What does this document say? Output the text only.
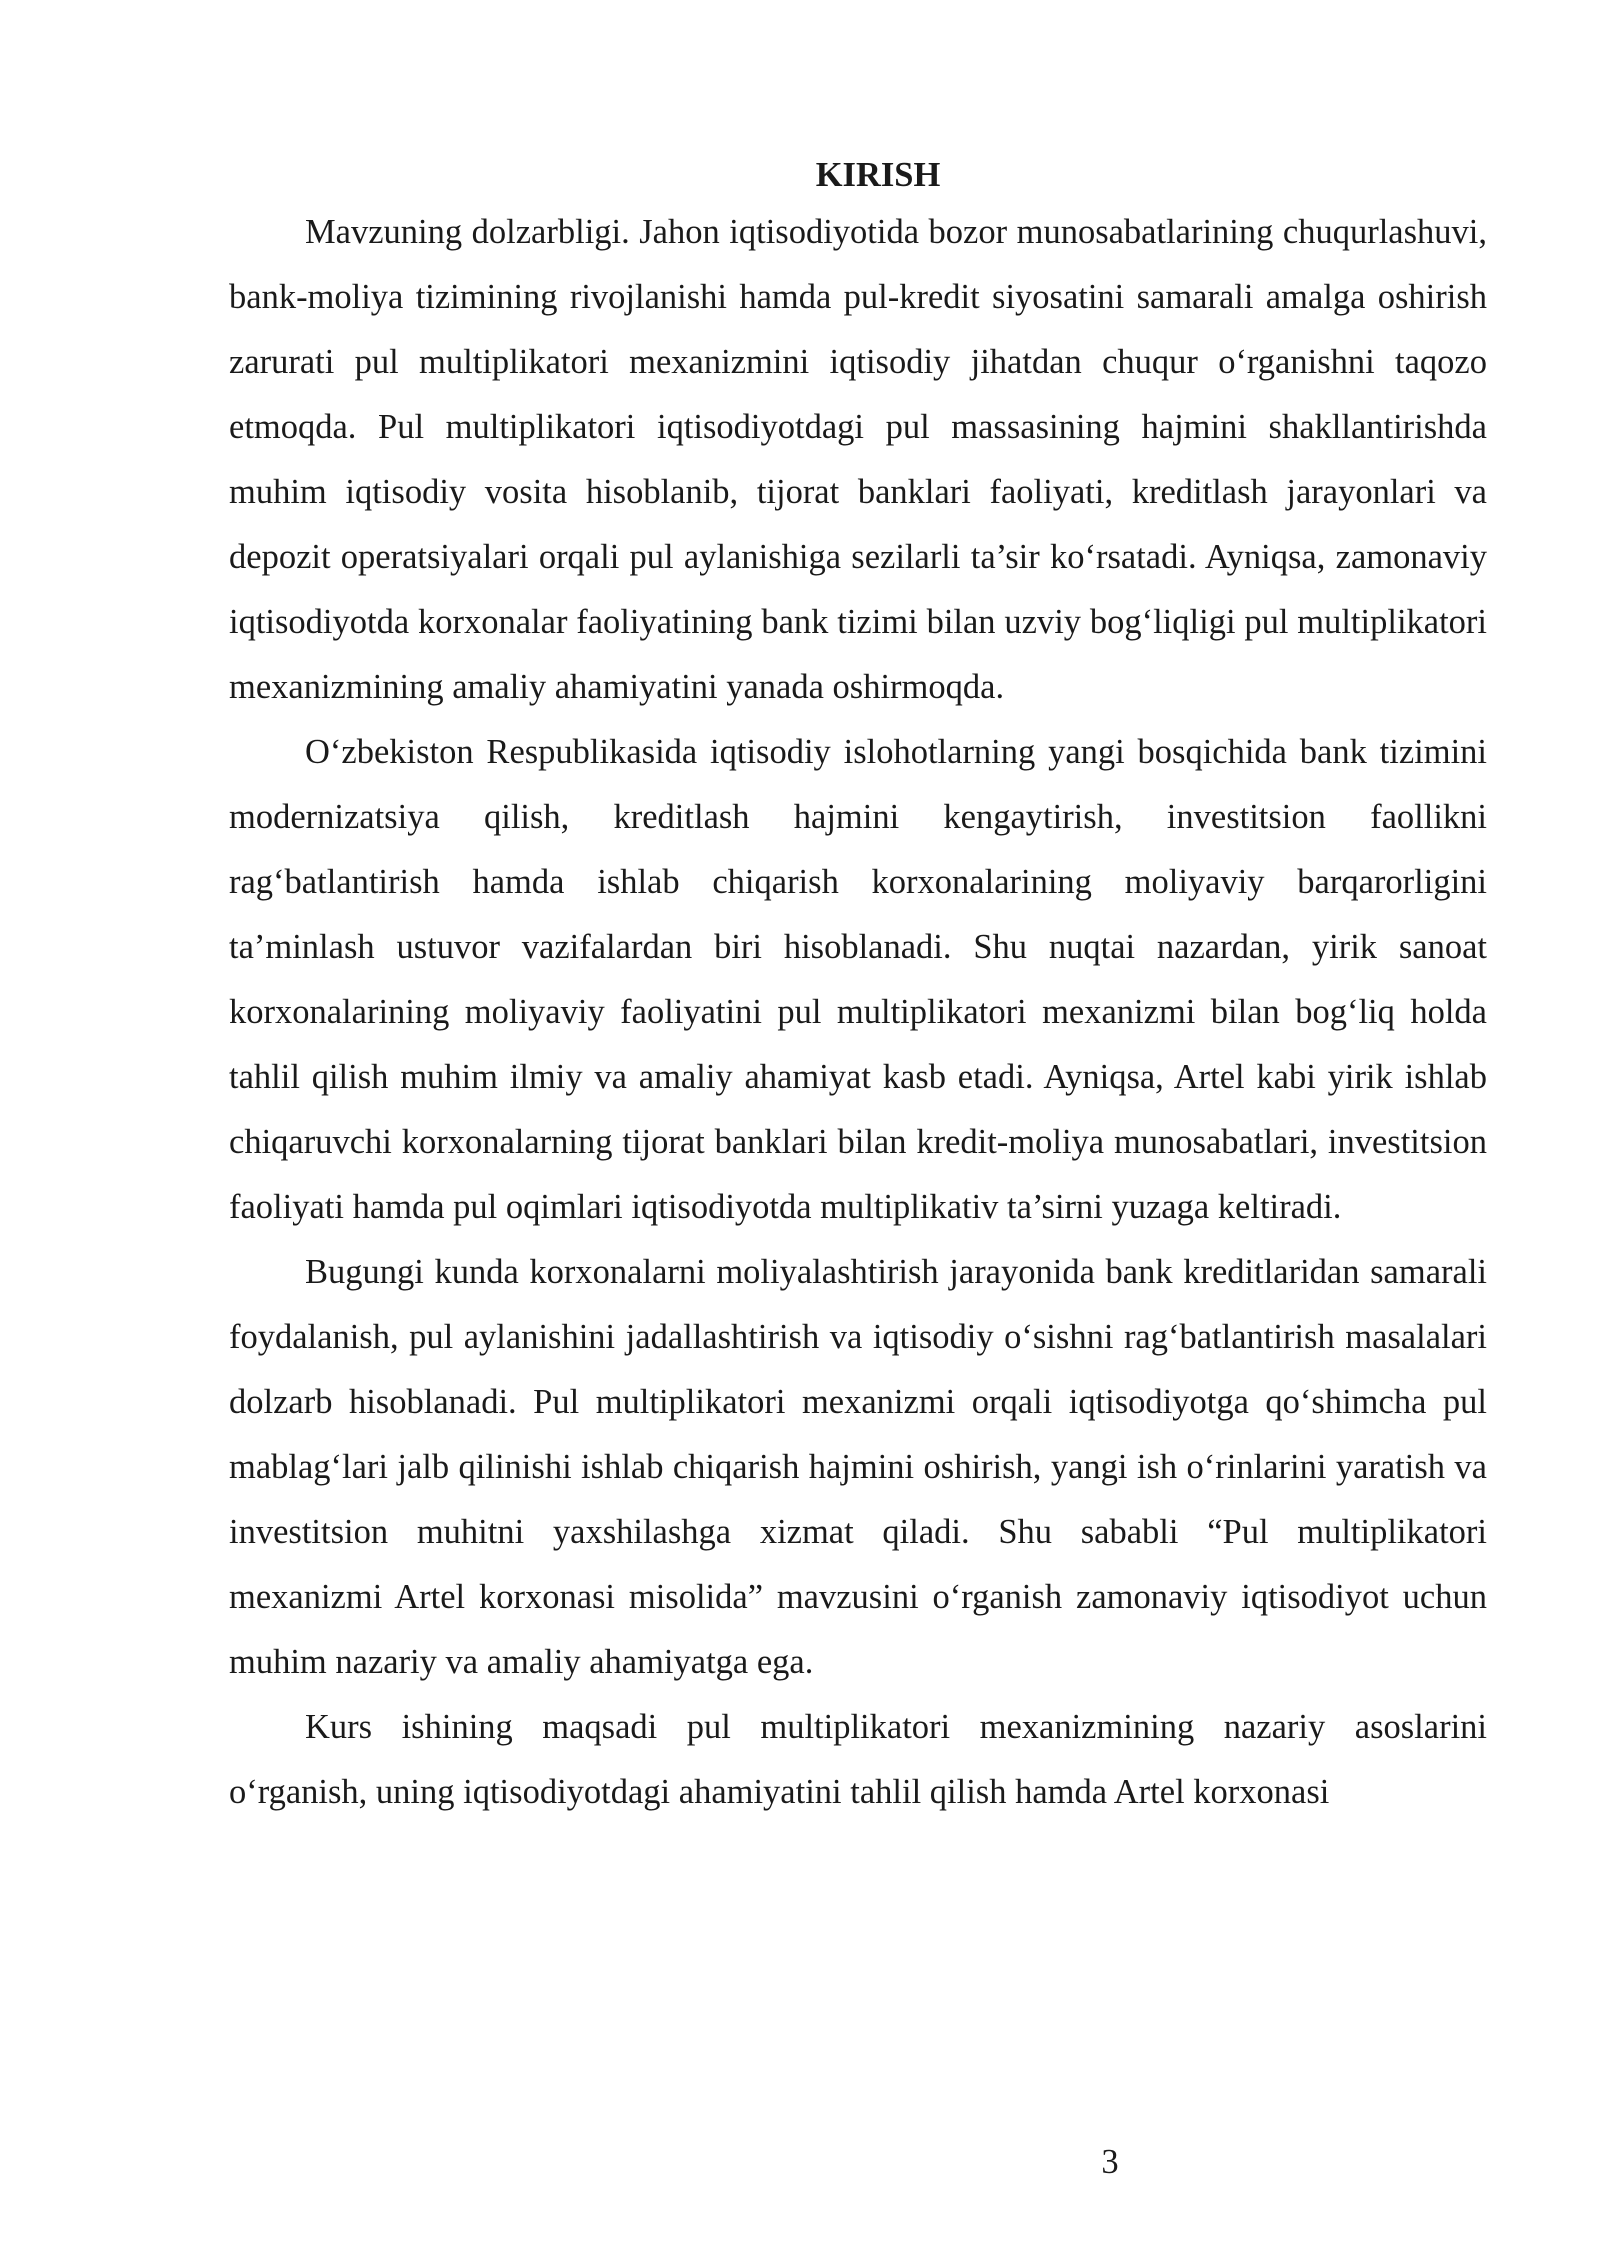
KIRISH

Mavzuning dolzarbligi. Jahon iqtisodiyotida bozor munosabatlarining chuqurlashuvi, bank-moliya tizimining rivojlanishi hamda pul-kredit siyosatini samarali amalga oshirish zarurati pul multiplikatori mexanizmini iqtisodiy jihatdan chuqur o‘rganishni taqozo etmoqda. Pul multiplikatori iqtisodiyotdagi pul massasining hajmini shakllantirishda muhim iqtisodiy vosita hisoblanib, tijorat banklari faoliyati, kreditlash jarayonlari va depozit operatsiyalari orqali pul aylanishiga sezilarli ta’sir ko‘rsatadi. Ayniqsa, zamonaviy iqtisodiyotda korxonalar faoliyatining bank tizimi bilan uzviy bog‘liqligi pul multiplikatori mexanizmining amaliy ahamiyatini yanada oshirmoqda.

O‘zbekiston Respublikasida iqtisodiy islohotlarning yangi bosqichida bank tizimini modernizatsiya qilish, kreditlash hajmini kengaytirish, investitsion faollikni rag‘batlantirish hamda ishlab chiqarish korxonalarining moliyaviy barqarorligini ta’minlash ustuvor vazifalardan biri hisoblanadi. Shu nuqtai nazardan, yirik sanoat korxonalarining moliyaviy faoliyatini pul multiplikatori mexanizmi bilan bog‘liq holda tahlil qilish muhim ilmiy va amaliy ahamiyat kasb etadi. Ayniqsa, Artel kabi yirik ishlab chiqaruvchi korxonalarning tijorat banklari bilan kredit-moliya munosabatlari, investitsion faoliyati hamda pul oqimlari iqtisodiyotda multiplikativ ta’sirni yuzaga keltiradi.

Bugungi kunda korxonalarni moliyalashtirish jarayonida bank kreditlaridan samarali foydalanish, pul aylanishini jadallashtirish va iqtisodiy o‘sishni rag‘batlantirish masalalari dolzarb hisoblanadi. Pul multiplikatori mexanizmi orqali iqtisodiyotga qo‘shimcha pul mablag‘lari jalb qilinishi ishlab chiqarish hajmini oshirish, yangi ish o‘rinlarini yaratish va investitsion muhitni yaxshilashga xizmat qiladi. Shu sababli “Pul multiplikatori mexanizmi Artel korxonasi misolida” mavzusini o‘rganish zamonaviy iqtisodiyot uchun muhim nazariy va amaliy ahamiyatga ega.

Kurs ishining maqsadi pul multiplikatori mexanizmining nazariy asoslarini o‘rganish, uning iqtisodiyotdagi ahamiyatini tahlil qilish hamda Artel korxonasi

3
